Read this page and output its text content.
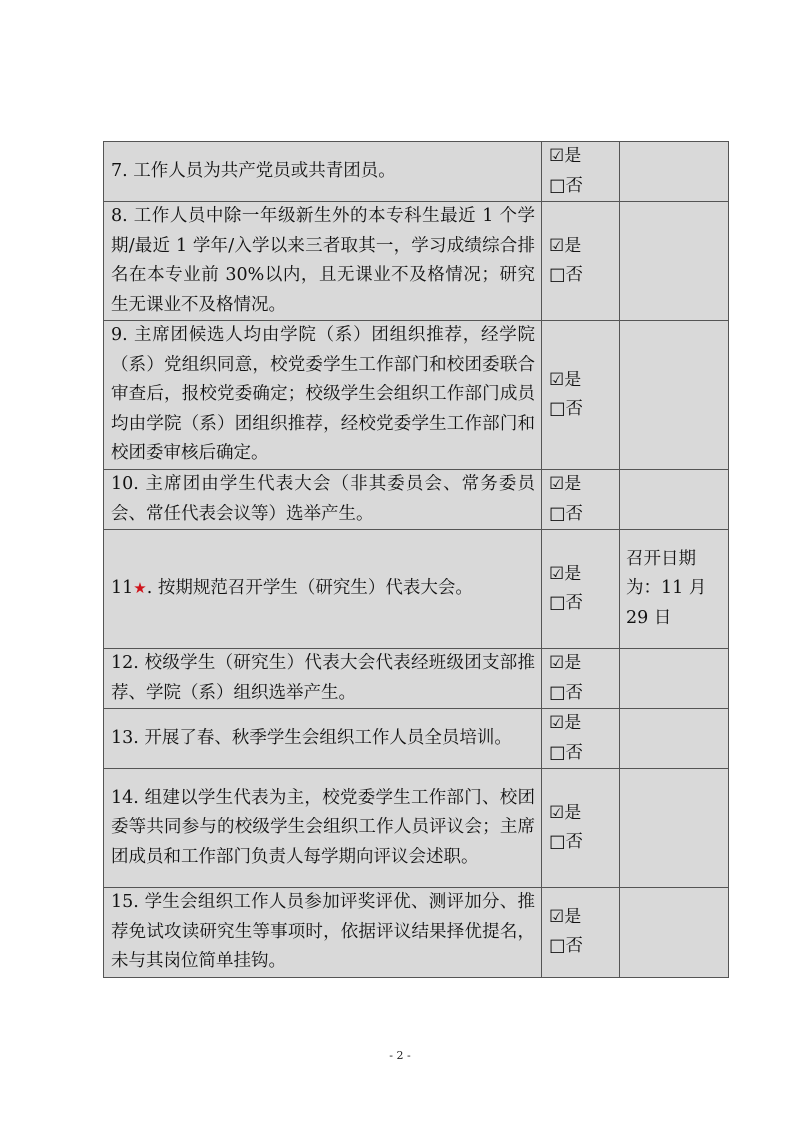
7. 工作人员为共产党员或共青团员。	☑是
□否	

8. 工作人员中除一年级新生外的本专科生最近 1 个学期/最近 1 学年/入学以来三者取其一，学习成绩综合排名在本专业前 30%以内，且无课业不及格情况；研究生无课业不及格情况。	☑是
□否	

9. 主席团候选人均由学院（系）团组织推荐，经学院（系）党组织同意，校党委学生工作部门和校团委联合审查后，报校党委确定；校级学生会组织工作部门成员均由学院（系）团组织推荐，经校党委学生工作部门和校团委审核后确定。	☑是
□否	

10. 主席团由学生代表大会（非其委员会、常务委员会、常任代表会议等）选举产生。	☑是
□否	

11★. 按期规范召开学生（研究生）代表大会。	☑是
□否	召开日期为：11 月 29 日
12. 校级学生（研究生）代表大会代表经班级团支部推荐、学院（系）组织选举产生。	☑是
□否	

13. 开展了春、秋季学生会组织工作人员全员培训。	☑是
□否	

14. 组建以学生代表为主，校党委学生工作部门、校团委等共同参与的校级学生会组织工作人员评议会；主席团成员和工作部门负责人每学期向评议会述职。	☑是
□否	

15. 学生会组织工作人员参加评奖评优、测评加分、推荐免试攻读研究生等事项时，依据评议结果择优提名，未与其岗位简单挂钩。	☑是
□否	

- 2 -
